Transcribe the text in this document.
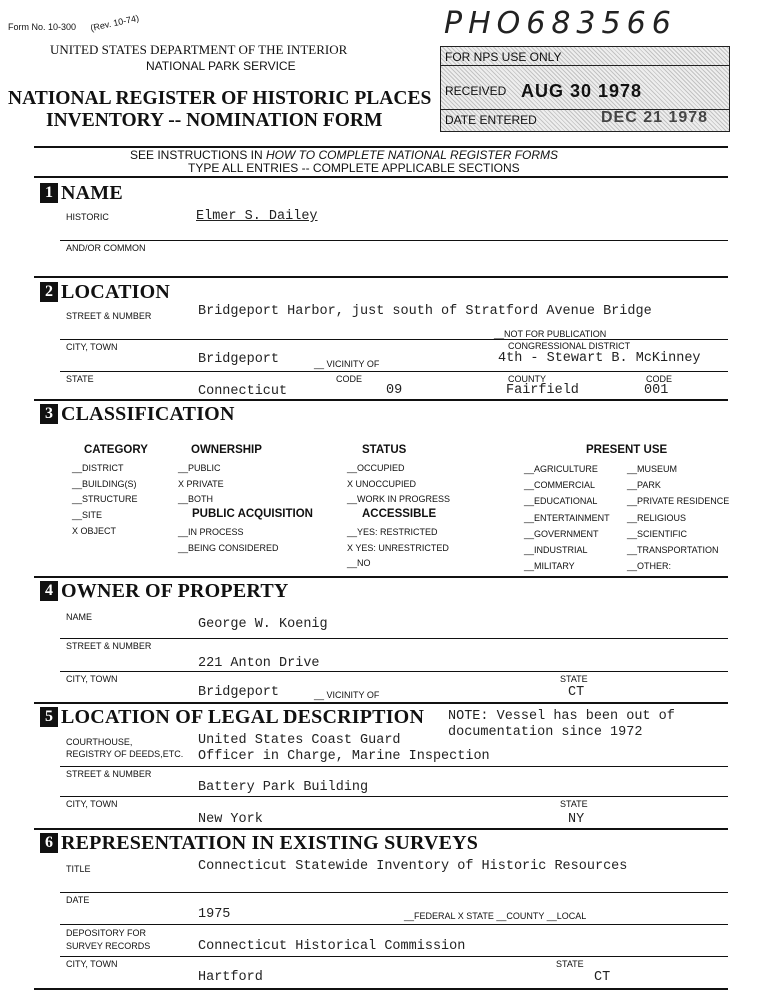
Form No. 10-300 (Rev. 10-74)
UNITED STATES DEPARTMENT OF THE INTERIOR
NATIONAL PARK SERVICE
NATIONAL REGISTER OF HISTORIC PLACES
INVENTORY -- NOMINATION FORM
PHO683566
FOR NPS USE ONLY
RECEIVED AUG 30 1978
DATE ENTERED	DEC 21 1978
SEE INSTRUCTIONS IN HOW TO COMPLETE NATIONAL REGISTER FORMS
TYPE ALL ENTRIES -- COMPLETE APPLICABLE SECTIONS
1 NAME
HISTORIC	Elmer S. Dailey
AND/OR COMMON
2 LOCATION
STREET & NUMBER	Bridgeport Harbor, just south of Stratford Avenue Bridge
__NOT FOR PUBLICATION
CITY, TOWN	CONGRESSIONAL DISTRICT
Bridgeport	__ VICINITY OF	4th - Stewart B. McKinney
STATE	CODE	COUNTY	CODE
Connecticut	09	Fairfield	001
3 CLASSIFICATION
CATEGORY
__DISTRICT
__BUILDING(S)
__STRUCTURE
__SITE
X OBJECT
OWNERSHIP
__PUBLIC
X PRIVATE
__BOTH
PUBLIC ACQUISITION
__IN PROCESS
__BEING CONSIDERED
STATUS
__OCCUPIED
X UNOCCUPIED
__WORK IN PROGRESS
ACCESSIBLE
__YES: RESTRICTED
X YES: UNRESTRICTED
__NO
PRESENT USE
__AGRICULTURE
__COMMERCIAL
__EDUCATIONAL
__ENTERTAINMENT
__GOVERNMENT
__INDUSTRIAL
__MILITARY
__MUSEUM
__PARK
__PRIVATE RESIDENCE
__RELIGIOUS
__SCIENTIFIC
__TRANSPORTATION
__OTHER:
4 OWNER OF PROPERTY
NAME	George W. Koenig
STREET & NUMBER
221 Anton Drive
CITY, TOWN	STATE
Bridgeport	__ VICINITY OF	CT
5 LOCATION OF LEGAL DESCRIPTION NOTE: Vessel has been out of
documentation since 1972
COURTHOUSE,
REGISTRY OF DEEDS,ETC.
United States Coast Guard
Officer in Charge, Marine Inspection
STREET & NUMBER
Battery Park Building
CITY, TOWN	STATE
New York	NY
6 REPRESENTATION IN EXISTING SURVEYS
TITLE	Connecticut Statewide Inventory of Historic Resources
DATE
1975	__FEDERAL X STATE __COUNTY __LOCAL
DEPOSITORY FOR
SURVEY RECORDS	Connecticut Historical Commission
CITY, TOWN	STATE
Hartford	CT
